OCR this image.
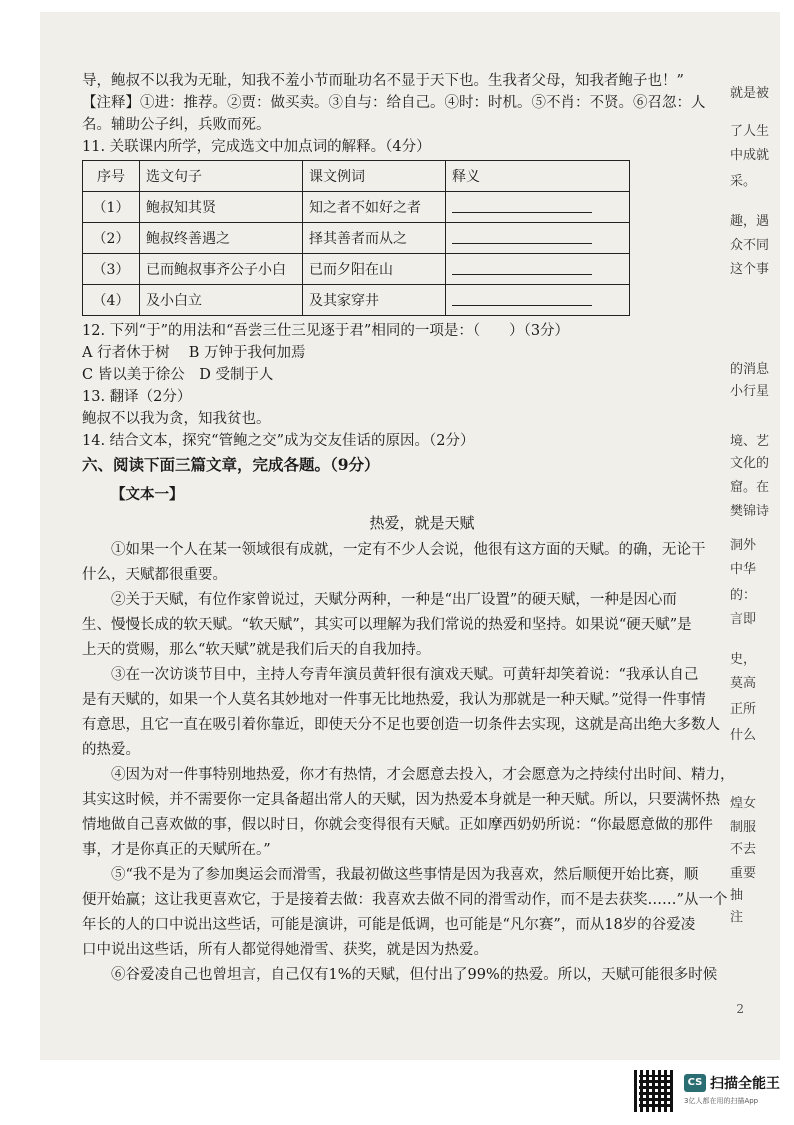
导，鲍叔不以我为无耻，知我不羞小节而耻功名不显于天下也。生我者父母，知我者鲍子也！”

【注释】①进：推荐。②贾：做买卖。③自与：给自己。④时：时机。⑤不肖：不贤。⑥召忽：人

名。辅助公子纠，兵败而死。

11. 关联课内所学，完成选文中加点词的解释。（4分）

序号	选文句子	课文例词	释义
（1）	鲍叔知其贤	知之者不如好之者	
（2）	鲍叔终善遇之	择其善者而从之	
（3）	已而鲍叔事齐公子小白	已而夕阳在山	
（4）	及小白立	及其家穿井	

12. 下列“于”的用法和“吾尝三仕三见逐于君”相同的一项是：（　　）（3分）

A 行者休于树　 B 万钟于我何加焉

C 皆以美于徐公　D 受制于人

13. 翻译（2分）

鲍叔不以我为贪，知我贫也。

14. 结合文本，探究“管鲍之交”成为交友佳话的原因。（2分）

六、阅读下面三篇文章，完成各题。（9分）

【文本一】

热爱，就是天赋

①如果一个人在某一领域很有成就，一定有不少人会说，他很有这方面的天赋。的确，无论干

什么，天赋都很重要。

②关于天赋，有位作家曾说过，天赋分两种，一种是“出厂设置”的硬天赋，一种是因心而

生、慢慢长成的软天赋。“软天赋”，其实可以理解为我们常说的热爱和坚持。如果说“硬天赋”是

上天的赏赐，那么“软天赋”就是我们后天的自我加持。

③在一次访谈节目中，主持人夸青年演员黄轩很有演戏天赋。可黄轩却笑着说：“我承认自己

是有天赋的，如果一个人莫名其妙地对一件事无比地热爱，我认为那就是一种天赋。”觉得一件事情

有意思，且它一直在吸引着你靠近，即使天分不足也要创造一切条件去实现，这就是高出绝大多数人

的热爱。

④因为对一件事特别地热爱，你才有热情，才会愿意去投入，才会愿意为之持续付出时间、精力，

其实这时候，并不需要你一定具备超出常人的天赋，因为热爱本身就是一种天赋。所以，只要满怀热

情地做自己喜欢做的事，假以时日，你就会变得很有天赋。正如摩西奶奶所说：“你最愿意做的那件

事，才是你真正的天赋所在。”

⑤“我不是为了参加奥运会而滑雪，我最初做这些事情是因为我喜欢，然后顺便开始比赛，顺

便开始赢；这让我更喜欢它，于是接着去做：我喜欢去做不同的滑雪动作，而不是去获奖……”从一个

年长的人的口中说出这些话，可能是演讲，可能是低调，也可能是“凡尔赛”，而从18岁的谷爱凌

口中说出这些话，所有人都觉得她滑雪、获奖，就是因为热爱。

⑥谷爱凌自己也曾坦言，自己仅有1%的天赋，但付出了99%的热爱。所以，天赋可能很多时候

就是被

了人生

中成就

采。

趣，遇

众不同

这个事

的消息

小行星

境、艺

文化的

窟。在

樊锦诗

洞外

中华

的：

言即

史，

莫高

正所

什么

煌女

制服

不去

重要

抽

注

2
CS 扫描全能王
3亿人都在用的扫描App
